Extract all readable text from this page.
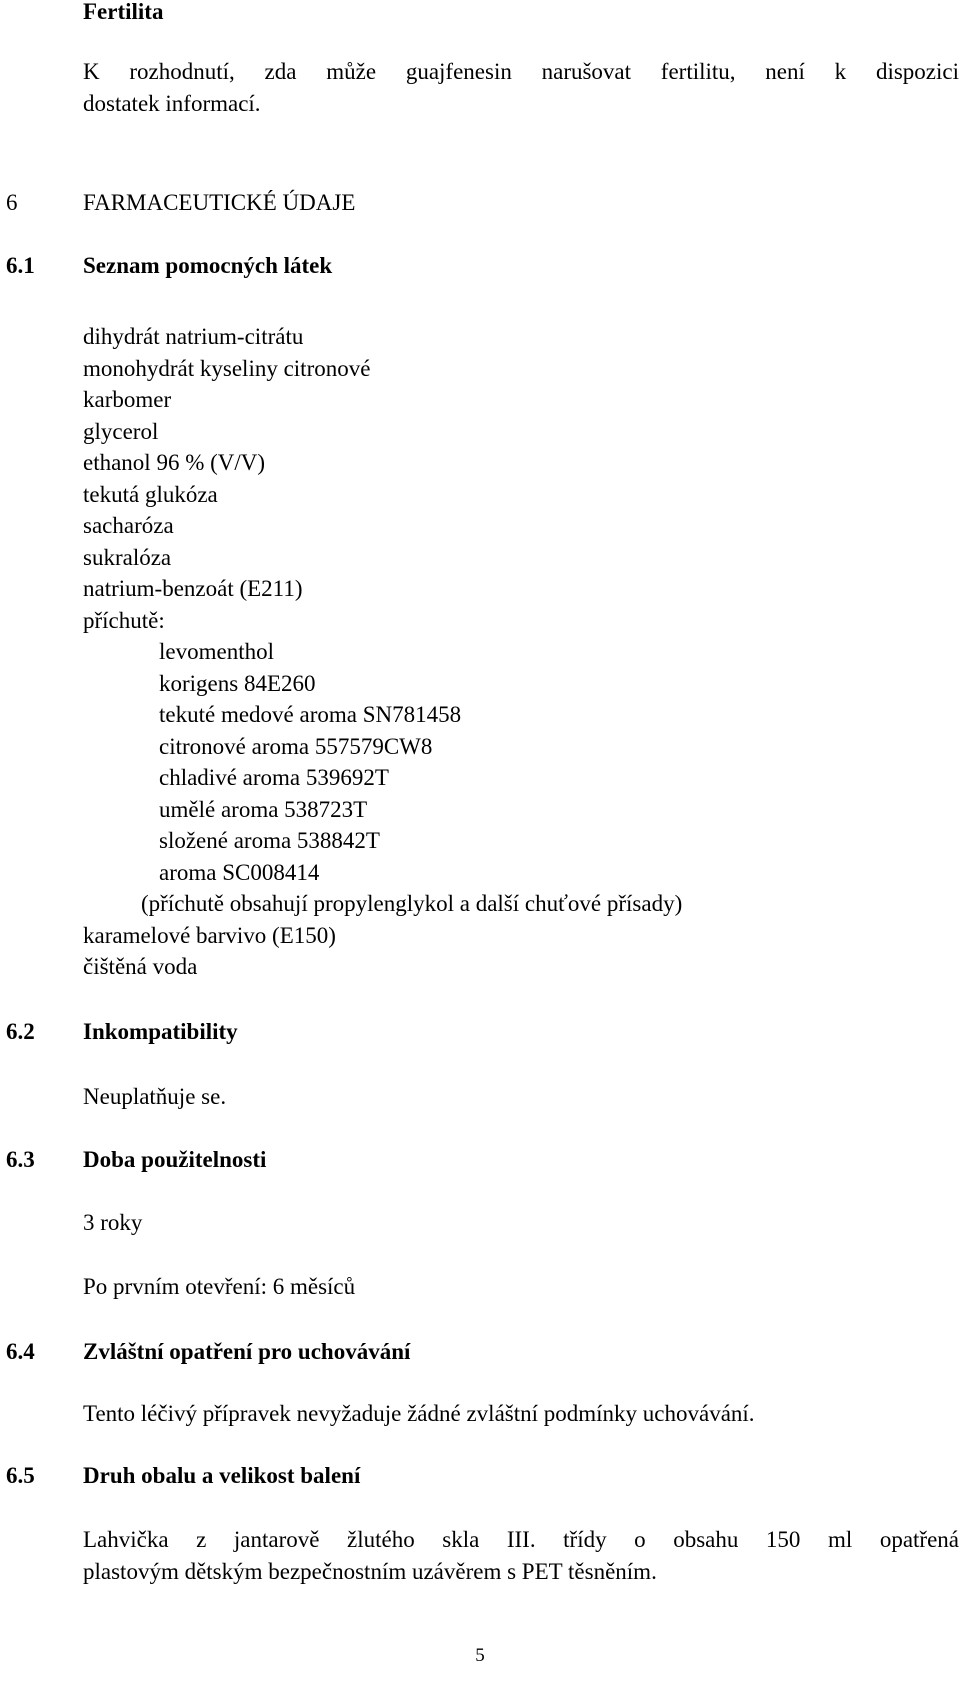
Fertilita
K rozhodnutí, zda může guajfenesin narušovat fertilitu, není k dispozici
dostatek informací.
6	FARMACEUTICKÉ ÚDAJE
6.1 Seznam pomocných látek
dihydrát natrium-citrátu
monohydrát kyseliny citronové
karbomer
glycerol
ethanol 96 % (V/V)
tekutá glukóza
sacharóza
sukralóza
natrium-benzoát (E211)
příchutě:
levomenthol
korigens 84E260
tekuté medové aroma SN781458
citronové aroma 557579CW8
chladivé aroma 539692T
umělé aroma 538723T
složené aroma 538842T
aroma SC008414
(příchutě obsahují propylenglykol a další chuťové přísady)
karamelové barvivo (E150)
čištěná voda
6.2 Inkompatibility
Neuplatňuje se.
6.3 Doba použitelnosti
3 roky
Po prvním otevření: 6 měsíců
6.4 Zvláštní opatření pro uchovávání
Tento léčivý přípravek nevyžaduje žádné zvláštní podmínky uchovávání.
6.5 Druh obalu a velikost balení
Lahvička z jantarově žlutého skla III. třídy o obsahu 150 ml opatřená
plastovým dětským bezpečnostním uzávěrem s PET těsněním.
5
